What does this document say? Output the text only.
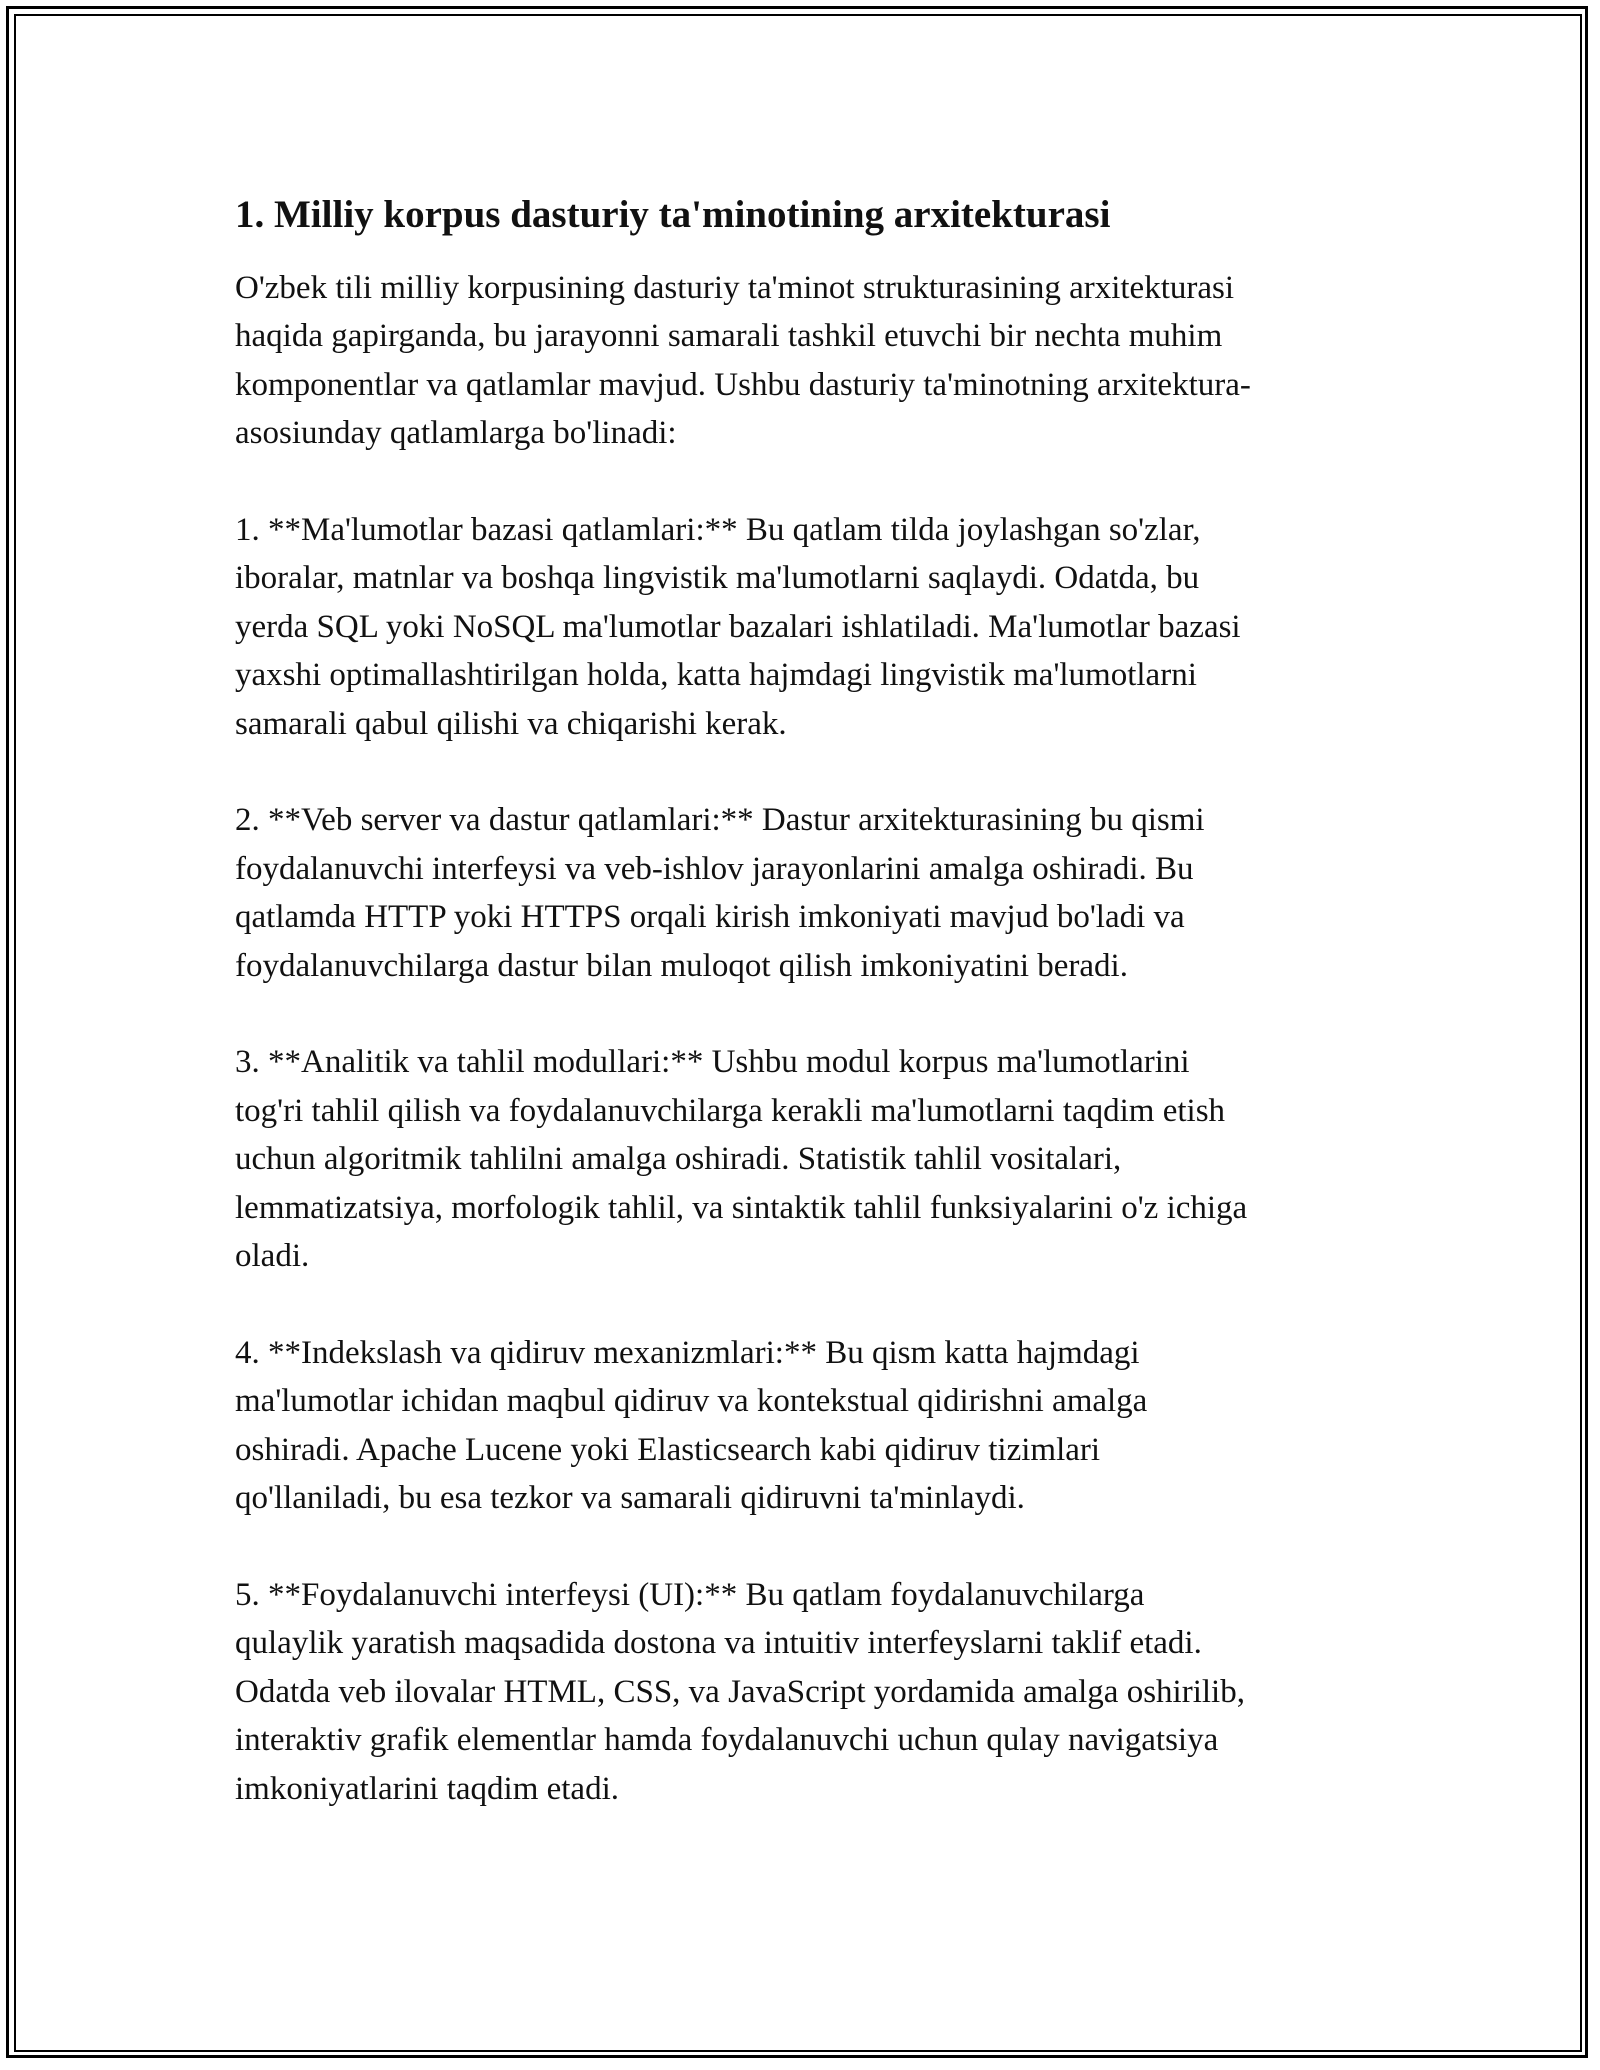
1. Milliy korpus dasturiy ta'minotining arxitekturasi

O'zbek tili milliy korpusining dasturiy ta'minot strukturasining arxitekturasi
haqida gapirganda, bu jarayonni samarali tashkil etuvchi bir nechta muhim
komponentlar va qatlamlar mavjud. Ushbu dasturiy ta'minotning arxitektura-
asosiunday qatlamlarga bo'linadi:

1. **Ma'lumotlar bazasi qatlamlari:** Bu qatlam tilda joylashgan so'zlar,
iboralar, matnlar va boshqa lingvistik ma'lumotlarni saqlaydi. Odatda, bu
yerda SQL yoki NoSQL ma'lumotlar bazalari ishlatiladi. Ma'lumotlar bazasi
yaxshi optimallashtirilgan holda, katta hajmdagi lingvistik ma'lumotlarni
samarali qabul qilishi va chiqarishi kerak.

2. **Veb server va dastur qatlamlari:** Dastur arxitekturasining bu qismi
foydalanuvchi interfeysi va veb-ishlov jarayonlarini amalga oshiradi. Bu
qatlamda HTTP yoki HTTPS orqali kirish imkoniyati mavjud bo'ladi va
foydalanuvchilarga dastur bilan muloqot qilish imkoniyatini beradi.

3. **Analitik va tahlil modullari:** Ushbu modul korpus ma'lumotlarini
tog'ri tahlil qilish va foydalanuvchilarga kerakli ma'lumotlarni taqdim etish
uchun algoritmik tahlilni amalga oshiradi. Statistik tahlil vositalari,
lemmatizatsiya, morfologik tahlil, va sintaktik tahlil funksiyalarini o'z ichiga
oladi.

4. **Indekslash va qidiruv mexanizmlari:** Bu qism katta hajmdagi
ma'lumotlar ichidan maqbul qidiruv va kontekstual qidirishni amalga
oshiradi. Apache Lucene yoki Elasticsearch kabi qidiruv tizimlari
qo'llaniladi, bu esa tezkor va samarali qidiruvni ta'minlaydi.

5. **Foydalanuvchi interfeysi (UI):** Bu qatlam foydalanuvchilarga
qulaylik yaratish maqsadida dostona va intuitiv interfeyslarni taklif etadi.
Odatda veb ilovalar HTML, CSS, va JavaScript yordamida amalga oshirilib,
interaktiv grafik elementlar hamda foydalanuvchi uchun qulay navigatsiya
imkoniyatlarini taqdim etadi.
